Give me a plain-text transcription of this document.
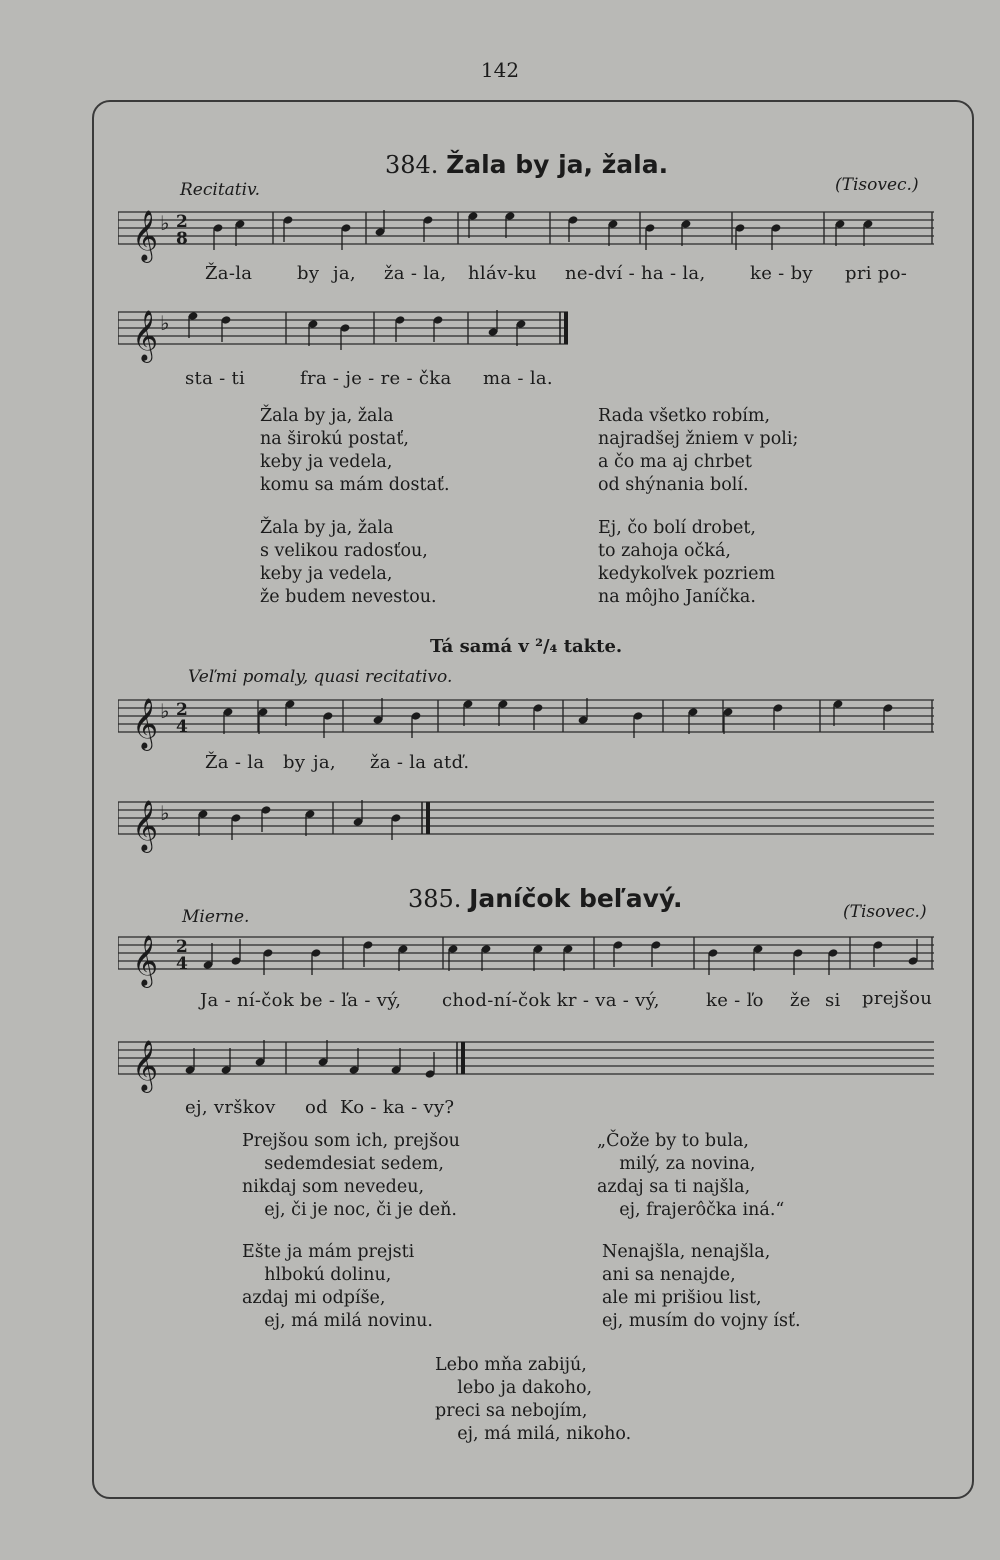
142
384. Žala by ja, žala.
Recitativ.	(Tisovec.)
𝄞 ♭ 2
8
Ža-la by ja, ža - la, hláv-ku ne-dví - ha - la, ke - by pri po-
𝄞 ♭
sta - ti	fra - je - re - čka ma - la.
Žala by ja, žala
na širokú postať,
keby ja vedela,
komu sa mám dostať.
Rada všetko robím,
najradšej žniem v poli;
a čo ma aj chrbet
od shýnania bolí.
Žala by ja, žala
s velikou radosťou,
keby ja vedela,
že budem nevestou.
Ej, čo bolí drobet,
to zahoja očká,
kedykoľvek pozriem
na môjho Janíčka.
Tá samá v ²/₄ takte.
Veľmi pomaly, quasi recitativo.
𝄞 ♭ 2
4
Ža - la by ja, ža - la atď.
𝄞 ♭
385. Janíčok beľavý.
Mierne.	(Tisovec.)
𝄞 2
4
Ja - ní-čok be - ľa - vý, chod-ní-čok kr - va - vý,	ke - ľo že si prejšou
𝄞
ej, vrškov od Ko - ka - vy?
Prejšou som ich, prejšou
sedemdesiat sedem,
nikdaj som nevedeu,
ej, či je noc, či je deň.
„Čože by to bula,
milý, za novina,
azdaj sa ti najšla,
ej, frajerôčka iná.“
Ešte ja mám prejsti
hlbokú dolinu,
azdaj mi odpíše,
ej, má milá novinu.
Nenajšla, nenajšla,
ani sa nenajde,
ale mi prišiou list,
ej, musím do vojny ísť.
Lebo mňa zabijú,
lebo ja dakoho,
preci sa nebojím,
ej, má milá, nikoho.
